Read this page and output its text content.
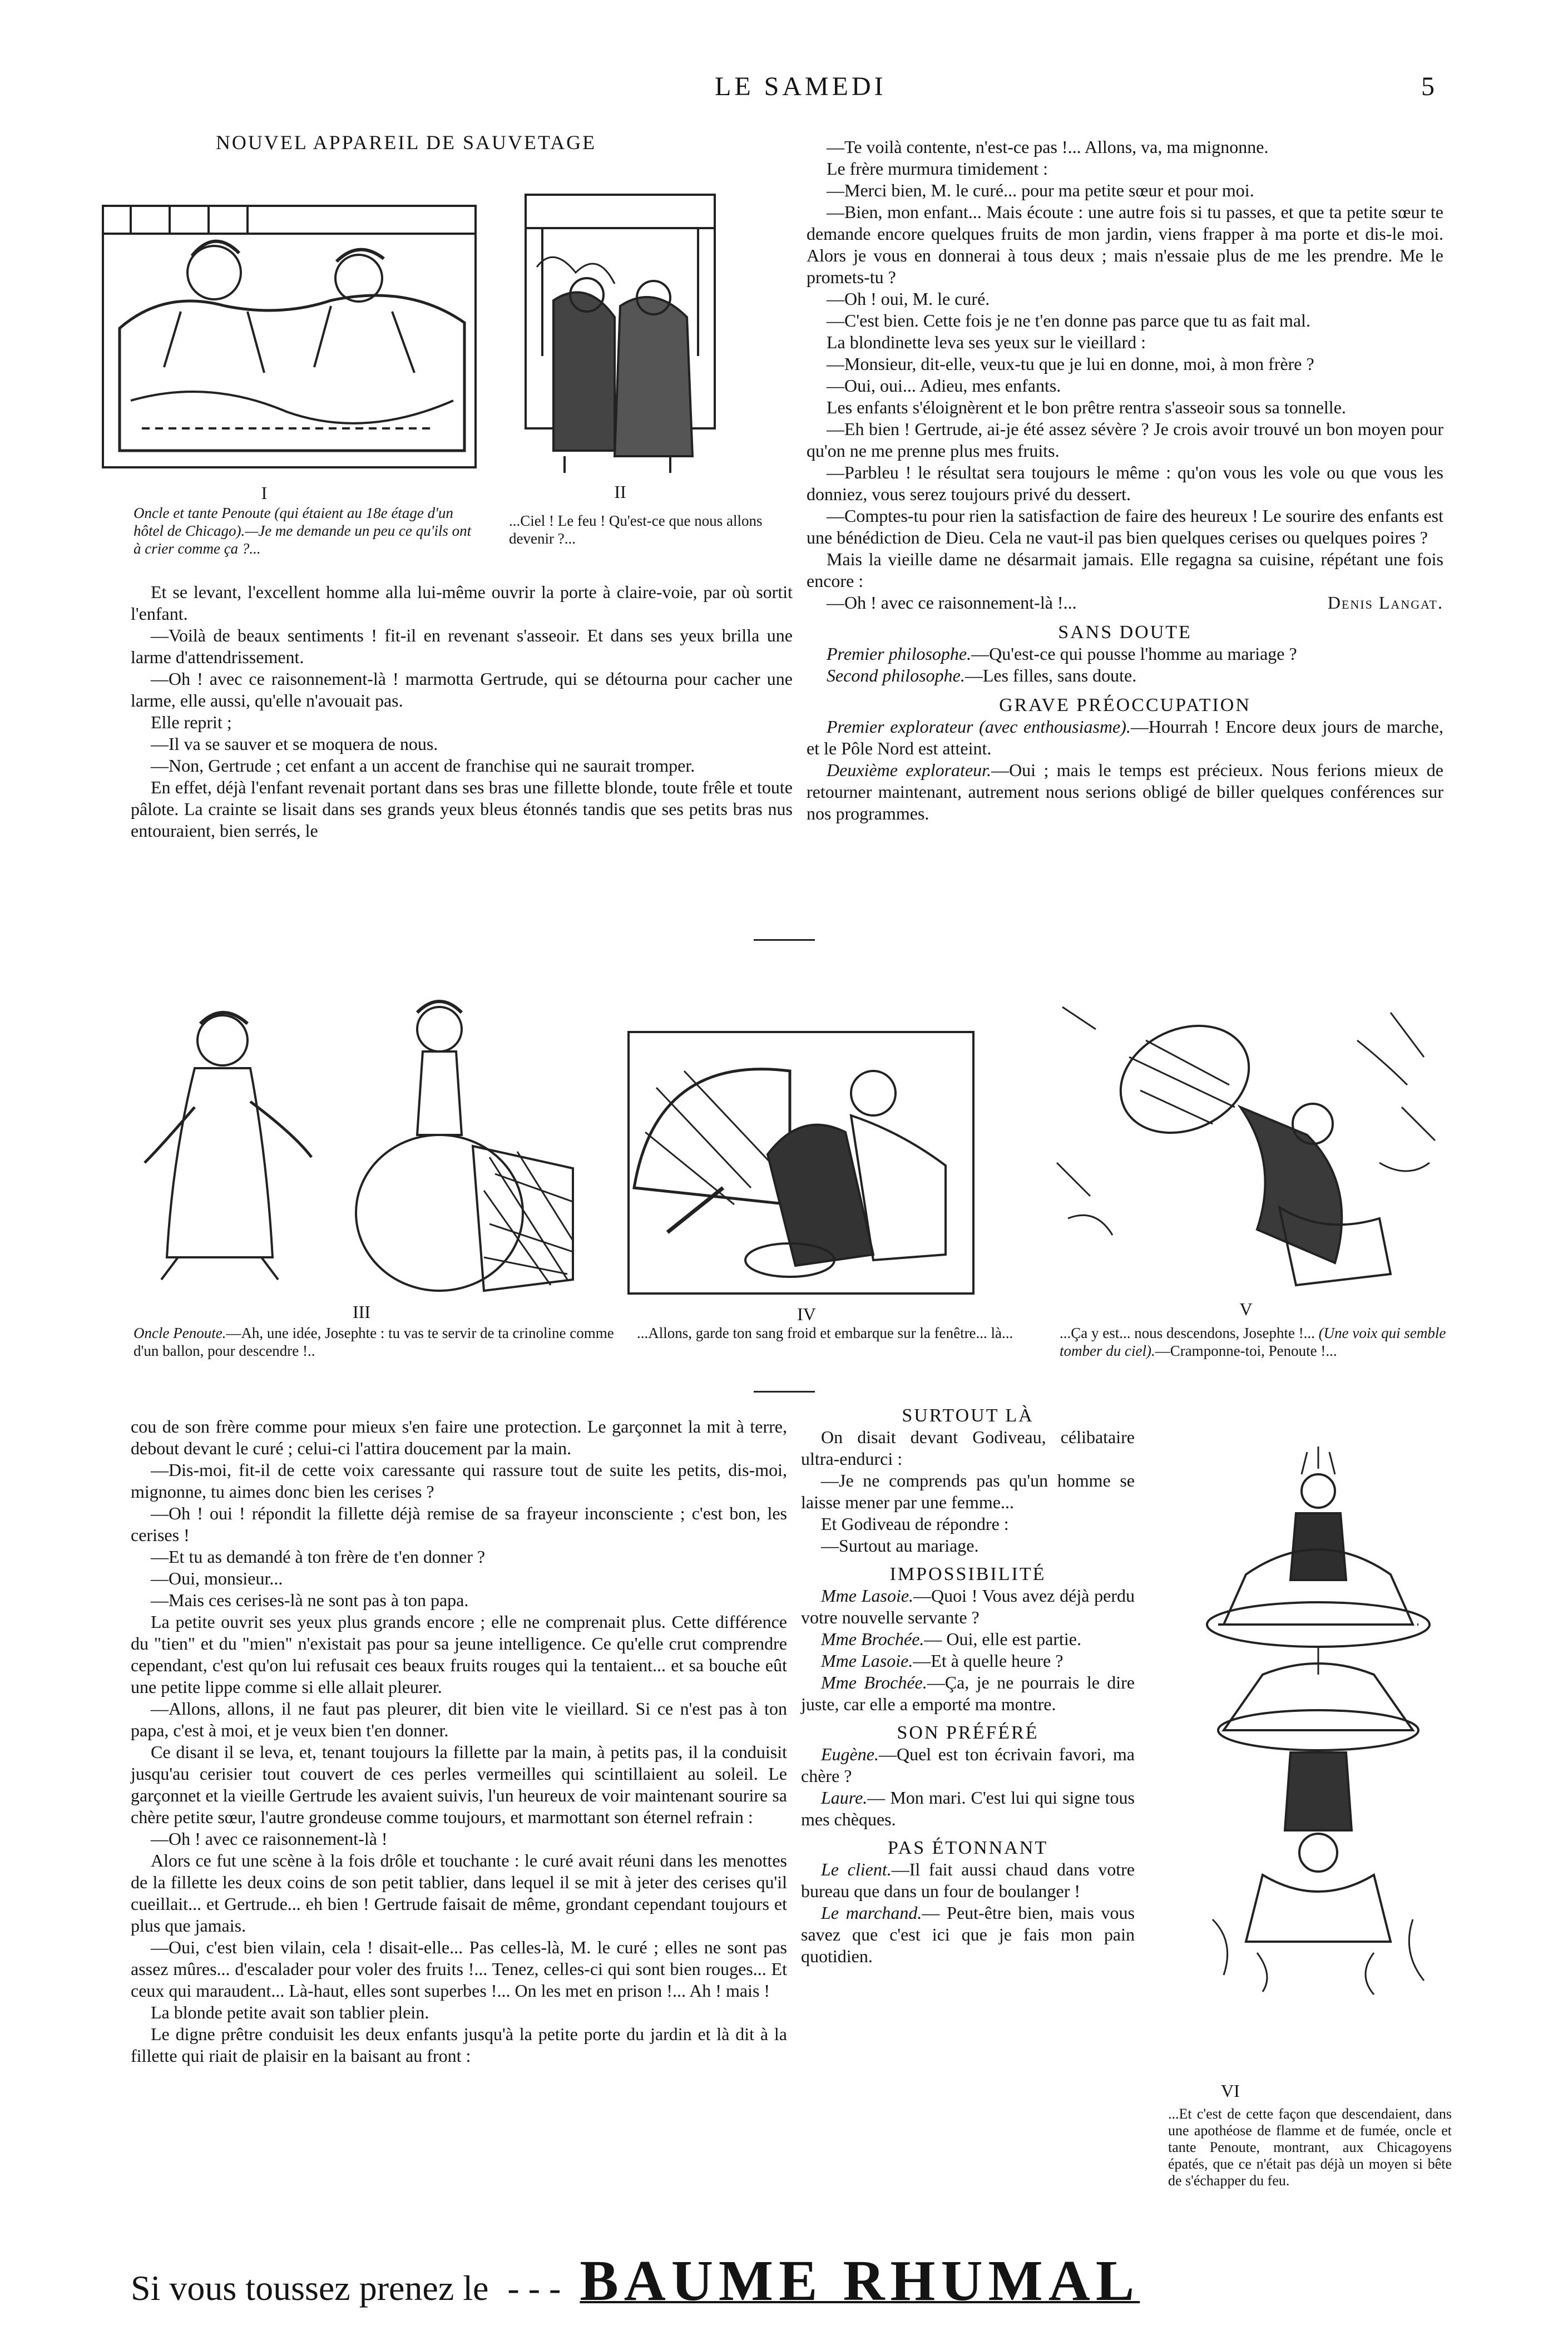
LE SAMEDI	5
NOUVEL APPAREIL DE SAUVETAGE
I
Oncle et tante Penoute (qui étaient au 18e étage d'un hôtel de Chicago).—Je me demande un peu ce qu'ils ont à crier comme ça ?...
II
...Ciel ! Le feu ! Qu'est-ce que nous allons devenir ?...

Et se levant, l'excellent homme alla lui-même ouvrir la porte à claire-voie, par où sortit l'enfant.

—Voilà de beaux sentiments ! fit-il en revenant s'asseoir. Et dans ses yeux brilla une larme d'attendrissement.

—Oh ! avec ce raisonnement-là ! marmotta Gertrude, qui se détourna pour cacher une larme, elle aussi, qu'elle n'avouait pas.

Elle reprit ;

—Il va se sauver et se moquera de nous.

—Non, Gertrude ; cet enfant a un accent de franchise qui ne saurait tromper.

En effet, déjà l'enfant revenait portant dans ses bras une fillette blonde, toute frêle et toute pâlote. La crainte se lisait dans ses grands yeux bleus étonnés tandis que ses petits bras nus entouraient, bien serrés, le

—Te voilà contente, n'est-ce pas !... Allons, va, ma mignonne.

Le frère murmura timidement :

—Merci bien, M. le curé... pour ma petite sœur et pour moi.

—Bien, mon enfant... Mais écoute : une autre fois si tu passes, et que ta petite sœur te demande encore quelques fruits de mon jardin, viens frapper à ma porte et dis-le moi. Alors je vous en donnerai à tous deux ; mais n'essaie plus de me les prendre. Me le promets-tu ?

—Oh ! oui, M. le curé.

—C'est bien. Cette fois je ne t'en donne pas parce que tu as fait mal.

La blondinette leva ses yeux sur le vieillard :

—Monsieur, dit-elle, veux-tu que je lui en donne, moi, à mon frère ?

—Oui, oui... Adieu, mes enfants.

Les enfants s'éloignèrent et le bon prêtre rentra s'asseoir sous sa tonnelle.

—Eh bien ! Gertrude, ai-je été assez sévère ? Je crois avoir trouvé un bon moyen pour qu'on ne me prenne plus mes fruits.

—Parbleu ! le résultat sera toujours le même : qu'on vous les vole ou que vous les donniez, vous serez toujours privé du dessert.

—Comptes-tu pour rien la satisfaction de faire des heureux ! Le sourire des enfants est une bénédiction de Dieu. Cela ne vaut-il pas bien quelques cerises ou quelques poires ?

Mais la vieille dame ne désarmait jamais. Elle regagna sa cuisine, répétant une fois encore :

—Oh ! avec ce raisonnement-là !...	Denis Langat.
SANS DOUTE

Premier philosophe.—Qu'est-ce qui pousse l'homme au mariage ?

Second philosophe.—Les filles, sans doute.

GRAVE PRÉOCCUPATION

Premier explorateur (avec enthousiasme).—Hourrah ! Encore deux jours de marche, et le Pôle Nord est atteint.

Deuxième explorateur.—Oui ; mais le temps est précieux. Nous ferions mieux de retourner maintenant, autrement nous serions obligé de biller quelques conférences sur nos programmes.

III
Oncle Penoute.—Ah, une idée, Josephte : tu vas te servir de ta crinoline comme d'un ballon, pour descendre !..
IV
...Allons, garde ton sang froid et embarque sur la fenêtre... là...
V
...Ça y est... nous descendons, Josephte !... (Une voix qui semble tomber du ciel).—Cramponne-toi, Penoute !...

cou de son frère comme pour mieux s'en faire une protection. Le garçonnet la mit à terre, debout devant le curé ; celui-ci l'attira doucement par la main.

—Dis-moi, fit-il de cette voix caressante qui rassure tout de suite les petits, dis-moi, mignonne, tu aimes donc bien les cerises ?

—Oh ! oui ! répondit la fillette déjà remise de sa frayeur inconsciente ; c'est bon, les cerises !

—Et tu as demandé à ton frère de t'en donner ?

—Oui, monsieur...

—Mais ces cerises-là ne sont pas à ton papa.

La petite ouvrit ses yeux plus grands encore ; elle ne comprenait plus. Cette différence du "tien" et du "mien" n'existait pas pour sa jeune intelligence. Ce qu'elle crut comprendre cependant, c'est qu'on lui refusait ces beaux fruits rouges qui la tentaient... et sa bouche eût une petite lippe comme si elle allait pleurer.

—Allons, allons, il ne faut pas pleurer, dit bien vite le vieillard. Si ce n'est pas à ton papa, c'est à moi, et je veux bien t'en donner.

Ce disant il se leva, et, tenant toujours la fillette par la main, à petits pas, il la conduisit jusqu'au cerisier tout couvert de ces perles vermeilles qui scintillaient au soleil. Le garçonnet et la vieille Gertrude les avaient suivis, l'un heureux de voir maintenant sourire sa chère petite sœur, l'autre grondeuse comme toujours, et marmottant son éternel refrain :

—Oh ! avec ce raisonnement-là !

Alors ce fut une scène à la fois drôle et touchante : le curé avait réuni dans les menottes de la fillette les deux coins de son petit tablier, dans lequel il se mit à jeter des cerises qu'il cueillait... et Gertrude... eh bien ! Gertrude faisait de même, grondant cependant toujours et plus que jamais.

—Oui, c'est bien vilain, cela ! disait-elle... Pas celles-là, M. le curé ; elles ne sont pas assez mûres... d'escalader pour voler des fruits !... Tenez, celles-ci qui sont bien rouges... Et ceux qui maraudent... Là-haut, elles sont superbes !... On les met en prison !... Ah ! mais !

La blonde petite avait son tablier plein.

Le digne prêtre conduisit les deux enfants jusqu'à la petite porte du jardin et là dit à la fillette qui riait de plaisir en la baisant au front :

SURTOUT LÀ

On disait devant Godiveau, célibataire ultra-endurci :

—Je ne comprends pas qu'un homme se laisse mener par une femme...

Et Godiveau de répondre :

—Surtout au mariage.

IMPOSSIBILITÉ

Mme Lasoie.—Quoi ! Vous avez déjà perdu votre nouvelle servante ?

Mme Brochée.— Oui, elle est partie.

Mme Lasoie.—Et à quelle heure ?

Mme Brochée.—Ça, je ne pourrais le dire juste, car elle a emporté ma montre.

SON PRÉFÉRÉ

Eugène.—Quel est ton écrivain favori, ma chère ?

Laure.— Mon mari. C'est lui qui signe tous mes chèques.

PAS ÉTONNANT

Le client.—Il fait aussi chaud dans votre bureau que dans un four de boulanger !

Le marchand.— Peut-être bien, mais vous savez que c'est ici que je fais mon pain quotidien.

VI
...Et c'est de cette façon que descendaient, dans une apothéose de flamme et de fumée, oncle et tante Penoute, montrant, aux Chicagoyens épatés, que ce n'était pas déjà un moyen si bête de s'échapper du feu.
Si vous toussez prenez le - - - BAUME RHUMAL
